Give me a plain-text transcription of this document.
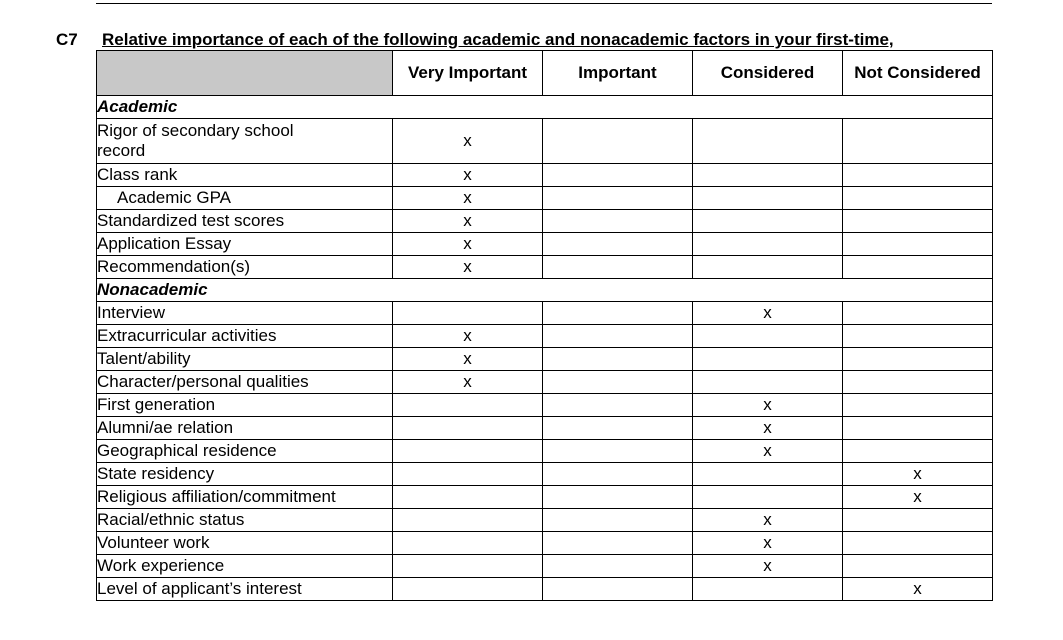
C7 Relative importance of each of the following academic and nonacademic factors in your first-time,
	Very Important	Important	Considered	Not Considered
Academic				
Rigor of secondary school record	x			
Class rank	x			
Academic GPA	x			
Standardized test scores	x			
Application Essay	x			
Recommendation(s)	x			
Nonacademic				
Interview			x	
Extracurricular activities	x			
Talent/ability	x			
Character/personal qualities	x			
First generation			x	
Alumni/ae relation			x	
Geographical residence			x	
State residency				x
Religious affiliation/commitment				x
Racial/ethnic status			x	
Volunteer work			x	
Work experience			x	
Level of applicant’s interest				x
